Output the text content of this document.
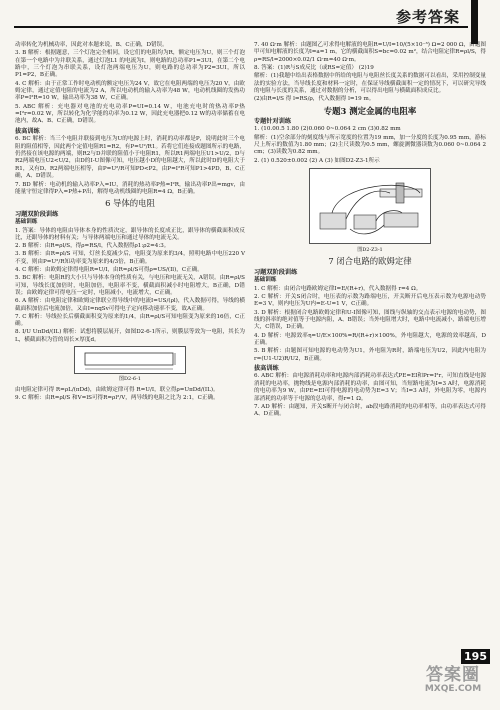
参考答案

动率转化为机械功率，因此对本题来说，B、C正确，D错误。

3. B 解析：根据题意，三个灯泡完全相同，设它们的电阻均为R，额定电压为U，则三个灯泡在第一个电路中为并联关系，通过灯泡L1 的电流为I，则电路的总功率P1=3UI，在第二个电路中，三个灯泡为串联关系，设灯泡两端电压为U，则电路的总功率为P2=3UI，所以P1=P2，B正确。

4. C 解析：由于正常工作时电动机的额定电压为24 V，故它在电阻两端的电压为20 V，由欧姆定律，通过定值电阻的电流为2 A，所以电动机的输入功率为48 W，电动机线圈的发热功率P=I²R=10 W，输出功率为38 W，C正确。

5. ABC 解析：充电器对电池的充电功率P=UI=0.14 W，电池充电时的热功率P热=I²r=0.02 W，所以转化为化学能的功率为0.12 W，因此充电器把0.12 W的功率储蓄在电池内，故A、B、C正确，D错误。

拔高训练

6. BC 解析：当三个电阻并联接到电压为U的电源上时，消耗的功率都是P，说明此时三个电阻的阻值相等，因此两个定值电阻R1=R2，有P=U²/R1。若将它们连接成题图所示的电路，仍然接在该电源的两端，则R2与D并联的阻值小于电阻R1，所以R1两端电压U1>U/2，D与R2两端电压U2<U/2，由D的I-U图像可知，电压越小D的电阻越大，所以此时D的电阻大于R1，又有D、R2两端电压相等，由P=U²/R可知PD<P2，由P=I²R可知P1>4PD，B、C正确，A、D错误。

7. BD 解析：电动机的输入功率P入=IU，消耗的热功率P热=I²R，输出功率P出=mgv，由能量守恒定律得P入=P热+P出，解得电动机线圈的电阻R=4 Ω，B正确。

6 导体的电阻
习题双阶段训练
基础训练

1. 答案：导体的电阻由导体本身的性质决定，跟导体的长度成正比，跟导体的横截面积成反比，还跟导体的材料有关；与导体两端电压和通过导体的电流无关。

2. B 解析：由R=ρl/S，得ρ=RS/l，代入数据得ρ1:ρ2=4:3。

3. B 解析：由R=ρl/S 可知，灯丝长度减少后，电阻变为原来的3/4，照明电路中电压220 V不变，则由P=U²/R知功率变为原来的4/3倍，B正确。

4. C 解析：由欧姆定律得电阻R=U/I，由R=ρl/S可得ρ=US/(Il)，C正确。

5. BC 解析：电阻R的大小只与导体本身的性质有关，与电压和电流无关，A错误。由R=ρl/S可知，导线长度加倍时，电阻加倍，电阻率不变，横截面积减小时电阻增大，B正确，D错误；由欧姆定律可得电压一定时，电阻减小，电流增大，C正确。

6. A 解析：由电阻定律和欧姆定律联立得导线中的电流I=US/(ρl)，代入数据可得，导线的横截面积加倍后电流加倍，又由I=nqSv可得电子定向移动速率不变，故A正确。

7. C 解析：导线拉长后横截面积变为原来的1/4，由R=ρl/S可知电阻变为原来的16倍，C正确。

8. I/U UπDd/(IL) 解析：试想将膜层展开，如图D2-6-1所示，则膜层等效为一电阻，其长为L，横截面积为管的周长×厚度d。

图D2-6-1

由电阻定律可得 R=ρL/(πDd)，由欧姆定律可得 R=U/I，联立得ρ=UπDd/(IL)。

9. C 解析：由R=ρl/S 和V=lS可得R=ρl²/V，两导线的电阻之比为 2:1，C正确。

7. 40 Ω·m 解析：由题图乙可求得电解液的电阻R=U/I=10/(5×10⁻³) Ω=2 000 Ω，由题图甲可知电解液的长度为l=a=1 m，它的横截面积S=bc=0.02 m²，结合电阻定律R=ρl/S，得ρ=RS/l=2000×0.02/1 Ω·m=40 Ω·m。

8. 答案：(1)R与S成反比（或RS=定值） (2)19

解析：(1)我题中给出表格数据中所给的电阻与电阻丝长度关系的数据可以看出，采用控制变量法的实验方法，当导线长度和材料一定时，在保证导线横截面积一定的情况下，可以研究导线的电阻与长度的关系，通过对数据的分析，可以得出电阻与横截面积成反比。

(2)由R=l/S 得 l=RS/ρ，代入数据得 l=19 m。

专题3 测定金属的电阻率
专题针对训练

1. (10.00.5 1.80 (2)0.060 0~0.064 2 cm (3)0.82 mm

解析：(1)空余部分的刻度线与所示宽度的位置为19 mm，加一分度的长度为0.95 mm，游标尺上所示的数值为1.80 mm；(2)主尺读数为0.5 mm，螺旋测微器读数为0.060 0~0.064 2 cm；(3)读数为0.82 mm。

2. (1) 0.520±0.002 (2) A (3) 如图D2-Z3-1所示

图D2-Z3-1
7 闭合电路的欧姆定律
习题双阶段训练
基础训练

1. C 解析：由闭合电路欧姆定律I=E/(R+r)，代入数据得 r=4 Ω。

2. C 解析：开关S闭合时，电压表的示数为路端电压，开关断开后电压表示数为电源电动势E=3 V，则内电压为U内=E-U=1 V，C正确。

3. D 解析：根据闭合电路欧姆定律和U-I图像可知，图线与纵轴的交点表示电源的电动势，图线的斜率的绝对值等于电源内阻，A、B错误；当外电阻增大时，电路中电流减小，路端电压增大，C错误，D正确。

4. D 解析：电源效率η=U/E×100%=R/(R+r)×100%，外电阻越大，电源的效率越高，D正确。

5. B 解析：由题图可知电源的电动势为U1，外电阻为R时，路端电压为U2，因此内电阻为 r=(U1-U2)R/U2，B正确。

拔高训练

6. ABC 解析：由电源消耗功率和电源内部消耗功率表达式PE=EI和Pr=I²r，可知直线是电源消耗的电功率，抛物线是电源内部消耗的功率，由图可知，当短路电流为I=3 A时，电源消耗的电功率为9 W，由PE=EI可得电源的电动势为E=3 V；当I=3 A时，外电阻为零，电源内部消耗的功率等于电源的总功率，得r=1 Ω。

7. AD 解析：由题知，开关S断开与闭合时，ab段电路消耗的电功率相等，由功率表达式可得 A、D正确。

195
答案圈
MXQE.COM
